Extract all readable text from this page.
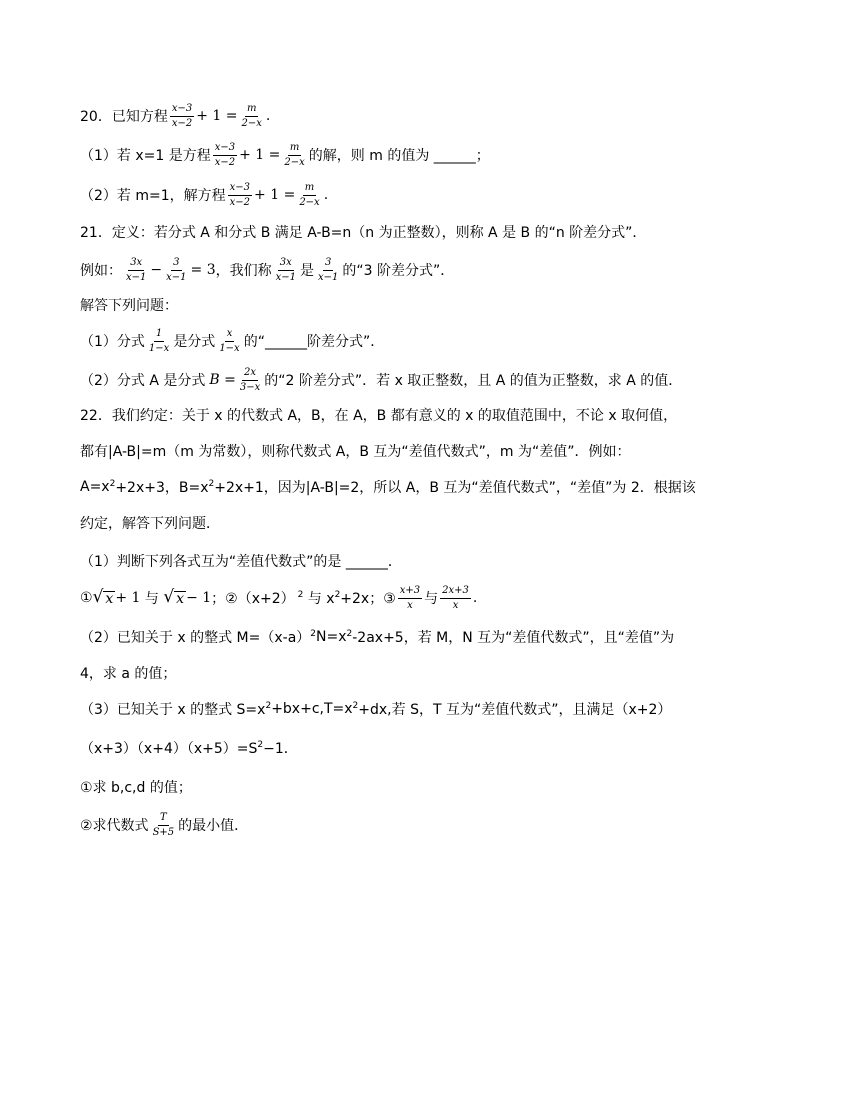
20．已知方程 $\frac{x-3}{x-2} + 1 = \frac{m}{2-x}$ .
（1）若 x=1 是方程 $\frac{x-3}{x-2} + 1 = \frac{m}{2-x}$ 的解，则 m 的值为 ______；
（2）若 m=1，解方程 $\frac{x-3}{x-2} + 1 = \frac{m}{2-x}$ .
21．定义：若分式 A 和分式 B 满足 A-B=n（n 为正整数），则称 A 是 B 的“n 阶差分式”．
例如： $\frac{3x}{x-1} - \frac{3}{x-1} = 3$ ，我们称 $\frac{3x}{x-1}$ 是 $\frac{3}{x-1}$ 的“3 阶差分式”．
解答下列问题：
（1）分式 $\frac{1}{1-x}$ 是分式 $\frac{x}{1-x}$ 的“______阶差分式”．
（2）分式 A 是分式 $B = \frac{2x}{3-x}$ 的“2 阶差分式”．若 x 取正整数，且 A 的值为正整数，求 A 的值．
22．我们约定：关于 x 的代数式 A，B，在 A，B 都有意义的 x 的取值范围中，不论 x 取何值，
都有|A-B|=m（m 为常数），则称代数式 A，B 互为“差值代数式”，m 为“差值”．例如：
$A=x^2 +2x+3$，$B=x^2 +2x+1$，因为|A-B|=2，所以 A，B 互为“差值代数式”，“差值”为 2．根据该
约定，解答下列问题．
（1）判断下列各式互为“差值代数式”的是 ______．
① √ x + 1 与 √ x − 1 ；②（x+2） $^2$ 与 $x^2 +2x$；③ $\frac{x+3}{x}$ 与 $\frac{2x+3}{x}$ .
（2）已知关于 x 的整式 $M=(x-a)^2$ $N=x^2$ -2ax+5，若 M，N 互为“差值代数式”，且“差值”为
4，求 a 的值；
（3）已知关于 x 的整式 $S=x^2 +bx+c,T=x^2 +dx$,若 S，T 互为“差值代数式”，且满足（x+2）
$(x+3)(x+4)(x+5)=S^2 -1$．
①求 b,c,d 的值；
②求代数式 $\frac{T}{S+5}$ 的最小值．
